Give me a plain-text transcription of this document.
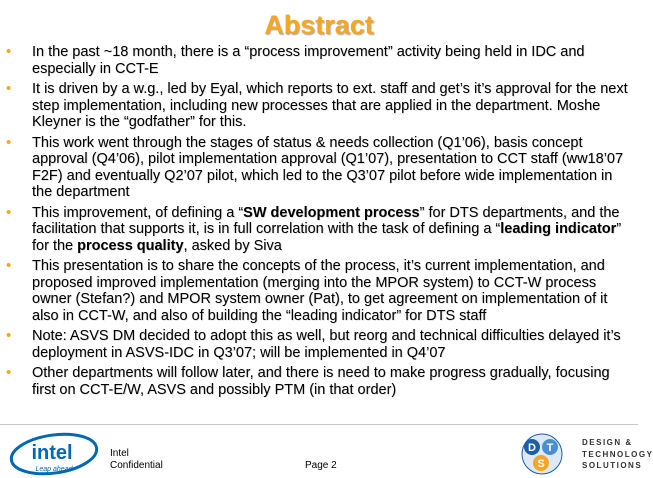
Abstract
• In the past ~18 month, there is a “process improvement” activity being held in IDC and especially in CCT-E
• It is driven by a w.g., led by Eyal, which reports to ext. staff and get’s it’s approval for the next step implementation, including new processes that are applied in the department. Moshe Kleyner is the “godfather” for this.
• This work went through the stages of status & needs collection (Q1’06), basis concept approval (Q4’06), pilot implementation approval (Q1’07), presentation to CCT staff (ww18’07 F2F) and eventually Q2’07 pilot, which led to the Q3’07 pilot before wide implementation in the department
• This improvement, of defining a “SW development process” for DTS departments, and the facilitation that supports it, is in full correlation with the task of defining a “leading indicator” for the process quality, asked by Siva
• This presentation is to share the concepts of the process, it’s current implementation, and proposed improved implementation (merging into the MPOR system) to CCT-W process owner (Stefan?) and MPOR system owner (Pat), to get agreement on implementation of it also in CCT-W, and also of building the “leading indicator” for DTS staff
• Note: ASVS DM decided to adopt this as well, but reorg and technical difficulties delayed it’s deployment in ASVS-IDC in Q3’07; will be implemented in Q4’07
• Other departments will follow later, and there is need to make progress gradually, focusing first on CCT-E/W, ASVS and possibly PTM (in that order)
intel
Leap ahead
Intel
Confidential	Page 2
D T
S
DESIGN &
TECHNOLOGY
SOLUTIONS
